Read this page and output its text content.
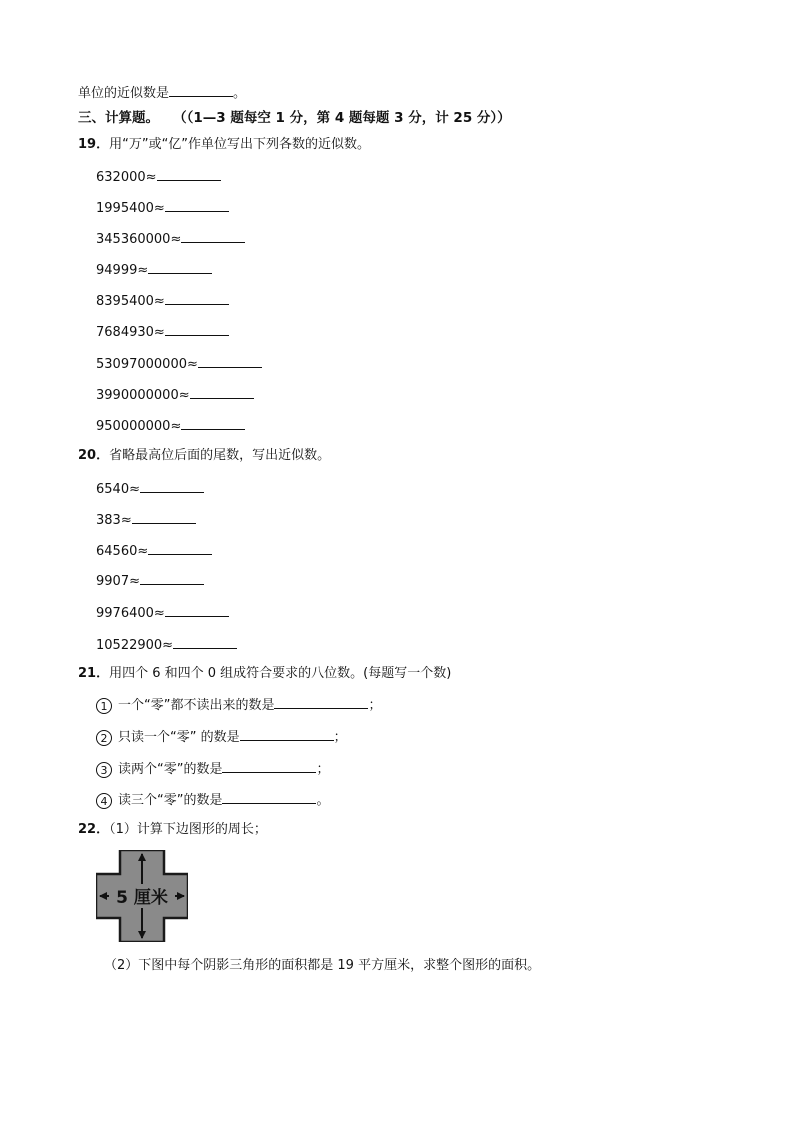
单位的近似数是	。
三、计算题。 （（1—3 题每空 1 分，第 4 题每题 3 分，计 25 分））
19．用“万”或“亿”作单位写出下列各数的近似数。
632000≈
1995400≈
345360000≈
94999≈
8395400≈
7684930≈
53097000000≈
3990000000≈
950000000≈
20．省略最高位后面的尾数，写出近似数。
6540≈
383≈
64560≈
9907≈
9976400≈
10522900≈
21．用四个 6 和四个 0 组成符合要求的八位数。(每题写一个数)
1 一个“零”都不读出来的数是	；
2 只读一个“零” 的数是	；
3 读两个“零”的数是	；
4 读三个“零”的数是	。
22．（1）计算下边图形的周长；
5 厘米
（2）下图中每个阴影三角形的面积都是 19 平方厘米，求整个图形的面积。
